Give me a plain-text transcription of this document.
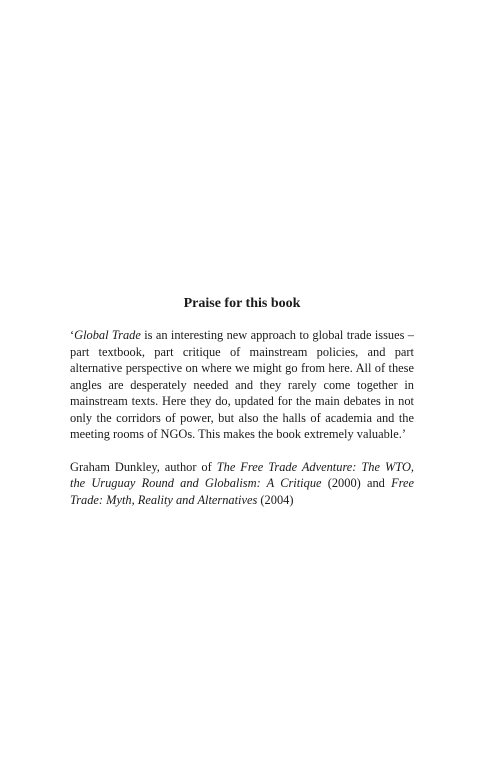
Praise for this book

‘Global Trade is an interesting new approach to global trade issues – part textbook, part critique of mainstream policies, and part alternative perspective on where we might go from here. All of these angles are desperately needed and they rarely come together in mainstream texts. Here they do, updated for the main debates in not only the corridors of power, but also the halls of academia and the meeting rooms of NGOs. This makes the book extremely valuable.’

Graham Dunkley, author of The Free Trade Adventure: The WTO, the Uruguay Round and Globalism: A Critique (2000) and Free Trade: Myth, Reality and Alternatives (2004)
